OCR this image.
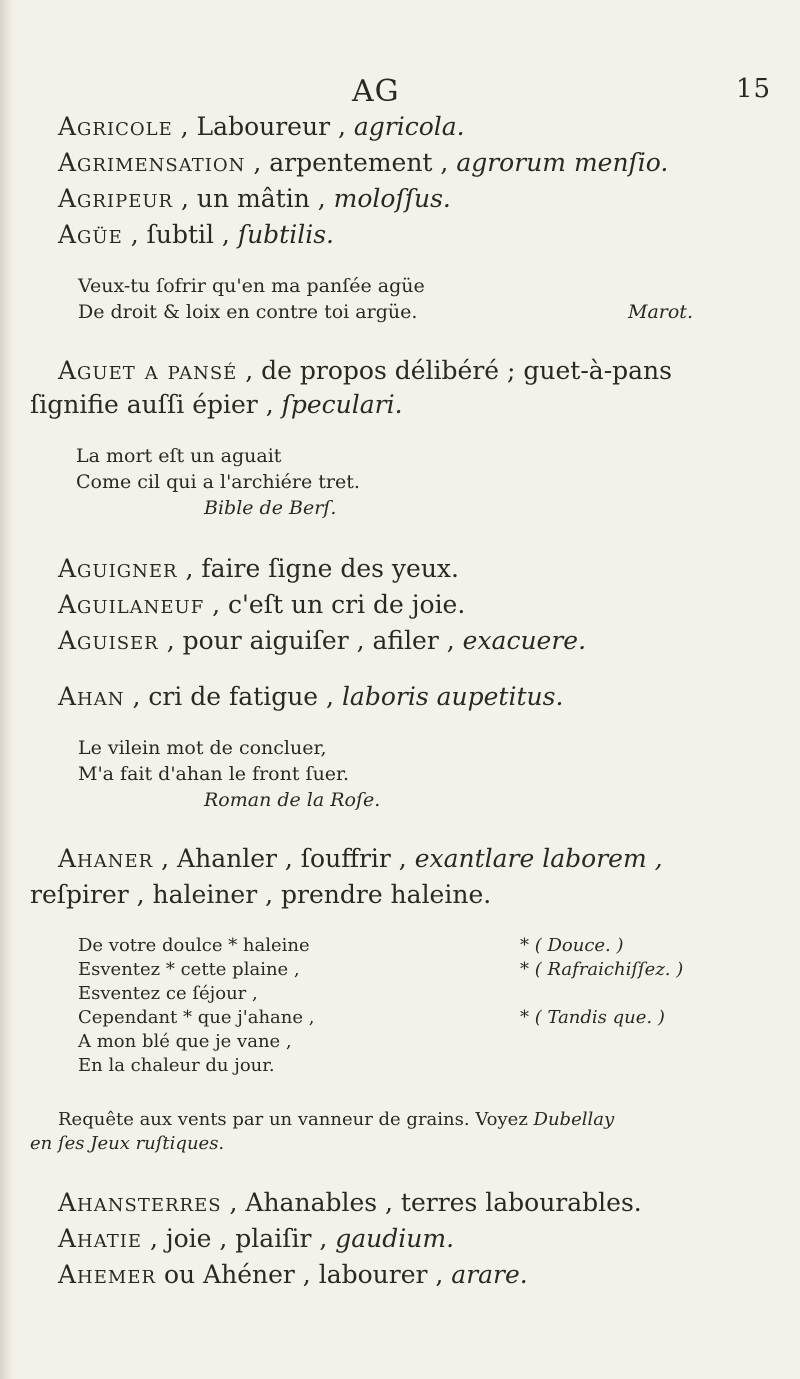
AG	15
Agricole , Laboureur , agricola.
Agrimensation , arpentement , agrorum menſio.
Agripeur , un mâtin , moloſſus.
Agüe , ſubtil , ſubtilis.
Veux-tu ſofrir qu'en ma panſée agüe
De droit & loix en contre toi argüe.	Marot.
Aguet a pansé , de propos délibéré ; guet-à-pans
ſignifie auſſi épier , ſpeculari.
La mort eſt un aguait
Come cil qui a l'archiére tret.
Bible de Berſ.
Aguigner , faire ſigne des yeux.
Aguilaneuf , c'eſt un cri de joie.
Aguiser , pour aiguiſer , afiler , exacuere.
Ahan , cri de fatigue , laboris aupetitus.
Le vilein mot de concluer,
M'a fait d'ahan le front ſuer.
Roman de la Roſe.
Ahaner , Ahanler , ſouffrir , exantlare laborem ,
reſpirer , haleiner , prendre haleine.
De votre doulce * haleine
Esventez * cette plaine ,
Esventez ce ſéjour ,
Cependant * que j'ahane ,
A mon blé que je vane ,
En la chaleur du jour.
* ( Douce. )
* ( Rafraichiſſez. )
* ( Tandis que. )
Requête aux vents par un vanneur de grains. Voyez Dubellay
en ſes Jeux ruſtiques.
Ahansterres , Ahanables , terres labourables.
Ahatie , joie , plaiſir , gaudium.
Ahemer ou Ahéner , labourer , arare.
